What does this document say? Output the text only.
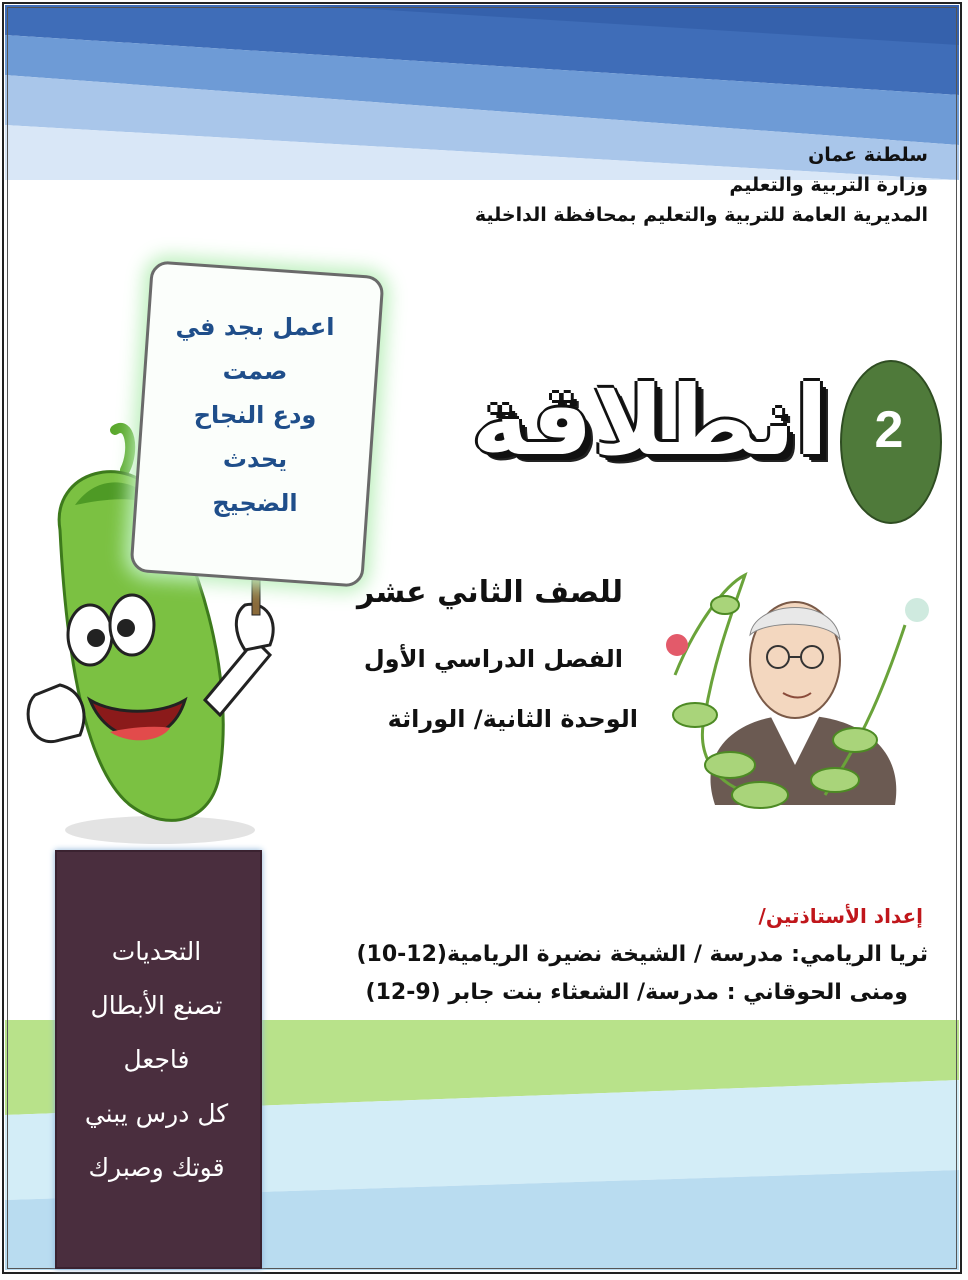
سلطنة عمان
وزارة التربية والتعليم
المديرية العامة للتربية والتعليم بمحافظة الداخلية
اعمل بجد في
صمت
ودع النجاح
يحدث
الضجيج
انطلاقة 2
للصف الثاني عشر
الفصل الدراسي الأول
الوحدة الثانية/ الوراثة
إعداد الأستاذتين/
ثريا الريامي: مدرسة / الشيخة نضيرة الريامية(12-10)
ومنى الحوقاني : مدرسة/ الشعثاء بنت جابر (9-12)
التحديات
تصنع الأبطال
فاجعل
كل درس يبني
قوتك وصبرك
